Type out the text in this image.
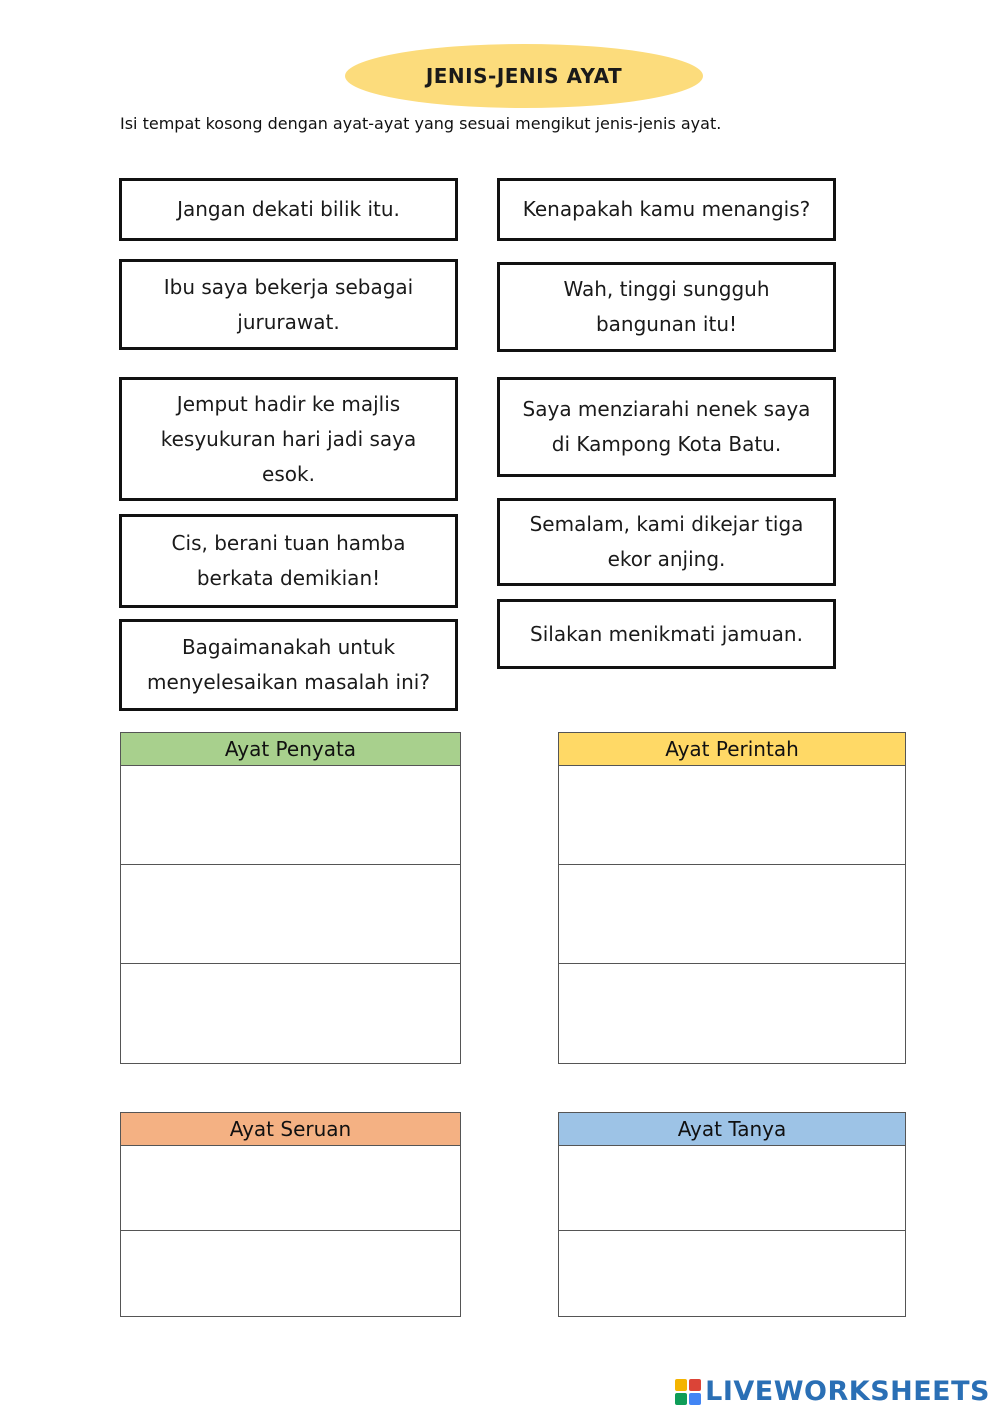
JENIS-JENIS AYAT
Isi tempat kosong dengan ayat-ayat yang sesuai mengikut jenis-jenis ayat.
Jangan dekati bilik itu.	Kenapakah kamu menangis?
Ibu saya bekerja sebagai jururawat.
Wah, tinggi sungguh bangunan itu!
Jemput hadir ke majlis kesyukuran hari jadi saya esok.
Saya menziarahi nenek saya di Kampong Kota Batu.
Cis, berani tuan hamba berkata demikian!
Semalam, kami dikejar tiga ekor anjing.
Bagaimanakah untuk menyelesaikan masalah ini?
Silakan menikmati jamuan.
Ayat Penyata	Ayat Perintah
Ayat Seruan	Ayat Tanya
LIVEWORKSHEETS
